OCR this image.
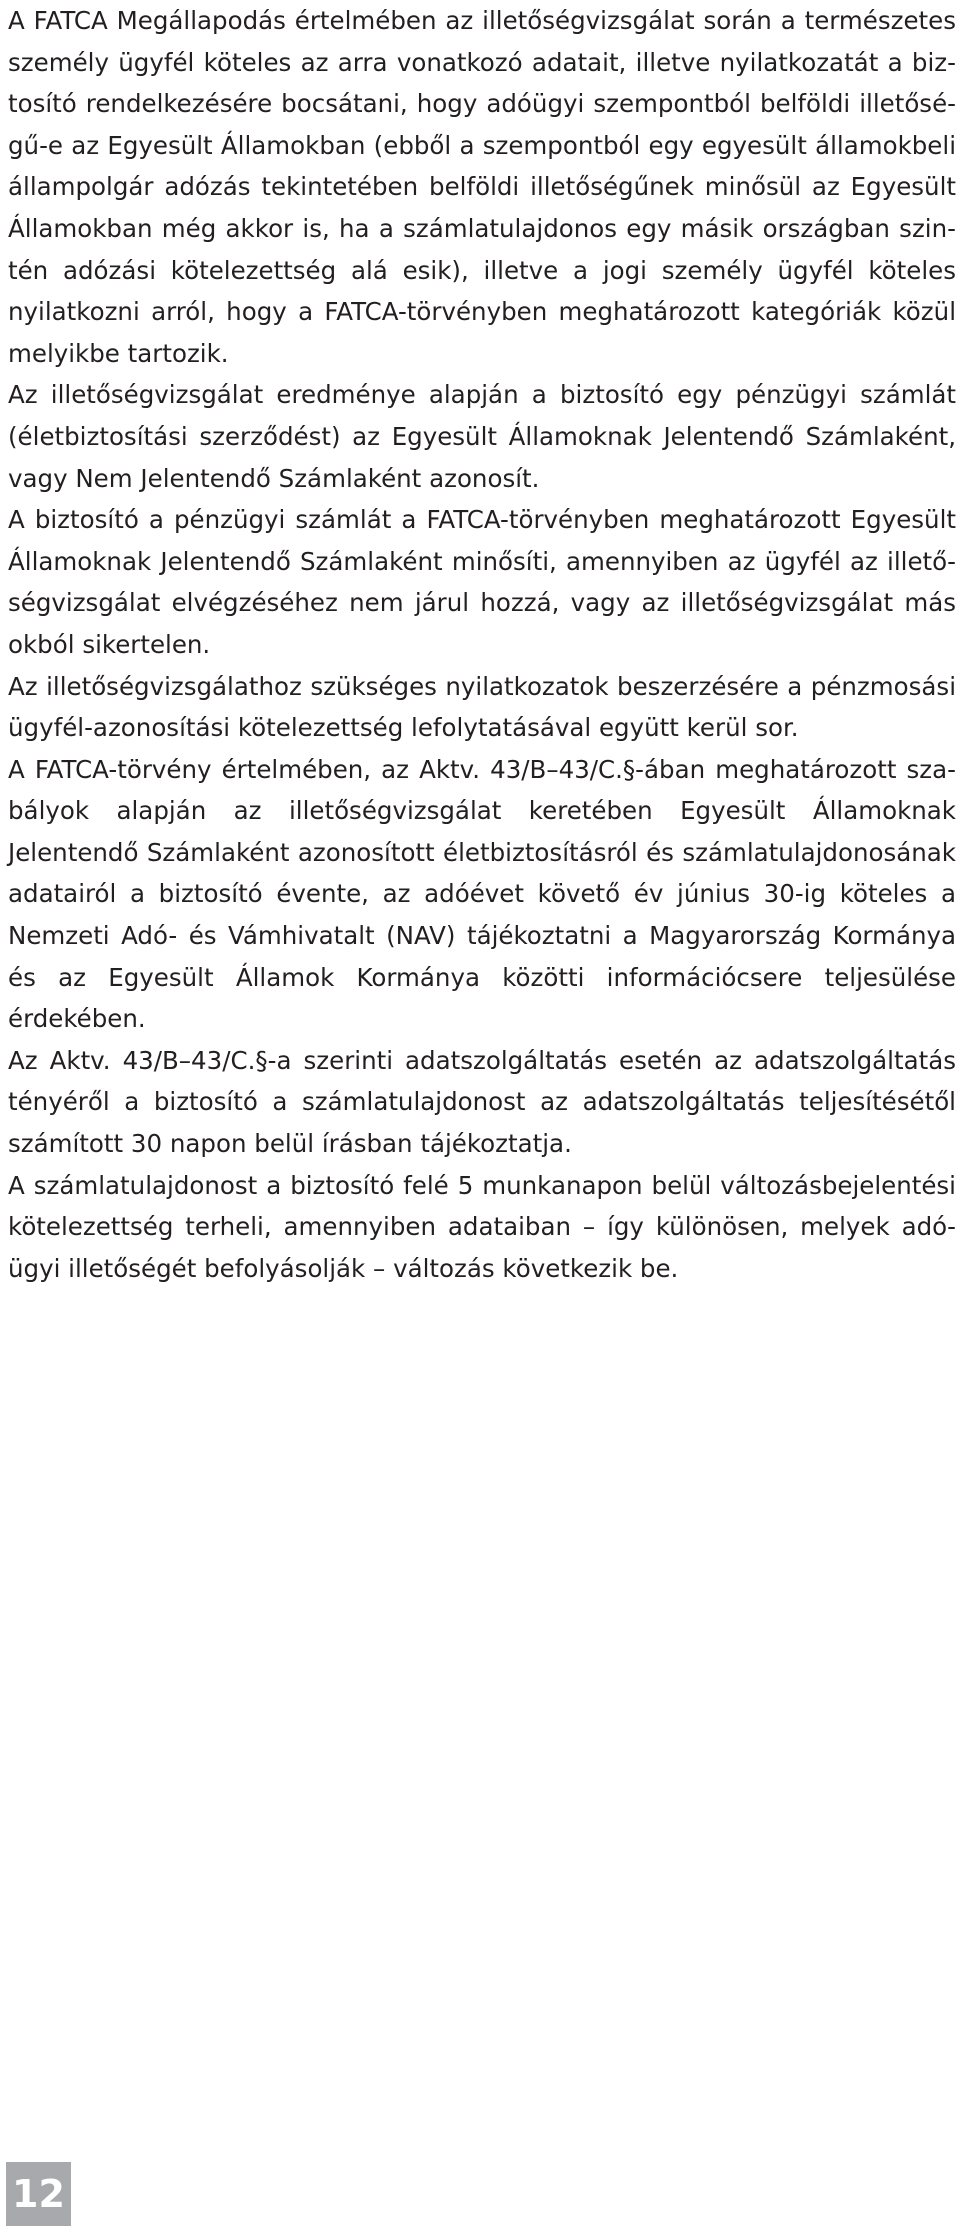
A FATCA Megállapodás értelmében az illetőségvizsgálat során a természetes személy ügyfél köteles az arra vonatkozó adatait, illetve nyilatkozatát a biztosító rendelkezésére bocsátani, hogy adóügyi szempontból belföldi illetőségű-e az Egyesült Államokban (ebből a szempontból egy egyesült államokbeli állampolgár adózás tekintetében belföldi illetőségűnek minősül az Egyesült Államokban még akkor is, ha a számlatulajdonos egy másik országban szintén adózási kötelezettség alá esik), illetve a jogi személy ügyfél köteles nyilatkozni arról, hogy a FATCA-törvényben meghatározott kategóriák közül melyikbe tartozik.

Az illetőségvizsgálat eredménye alapján a biztosító egy pénzügyi számlát (életbiztosítási szerződést) az Egyesült Államoknak Jelentendő Számlaként, vagy Nem Jelentendő Számlaként azonosít.

A biztosító a pénzügyi számlát a FATCA-törvényben meghatározott Egyesült Államoknak Jelentendő Számlaként minősíti, amennyiben az ügyfél az illetőségvizsgálat elvégzéséhez nem járul hozzá, vagy az illetőségvizsgálat más okból sikertelen.

Az illetőségvizsgálathoz szükséges nyilatkozatok beszerzésére a pénzmosási ügyfél-azonosítási kötelezettség lefolytatásával együtt kerül sor.

A FATCA-törvény értelmében, az Aktv. 43/B–43/C.§-ában meghatározott szabályok alapján az illetőségvizsgálat keretében Egyesült Államoknak Jelentendő Számlaként azonosított életbiztosításról és számlatulajdonosának adatairól a biztosító évente, az adóévet követő év június 30-ig köteles a Nemzeti Adó- és Vámhivatalt (NAV) tájékoztatni a Magyarország Kormánya és az Egyesült Államok Kormánya közötti információcsere teljesülése érdekében.

Az Aktv. 43/B–43/C.§-a szerinti adatszolgáltatás esetén az adatszolgáltatás tényéről a biztosító a számlatulajdonost az adatszolgáltatás teljesítésétől számított 30 napon belül írásban tájékoztatja.

A számlatulajdonost a biztosító felé 5 munkanapon belül változásbejelentési kötelezettség terheli, amennyiben adataiban – így különösen, melyek adóügyi illetőségét befolyásolják – változás következik be.

12
